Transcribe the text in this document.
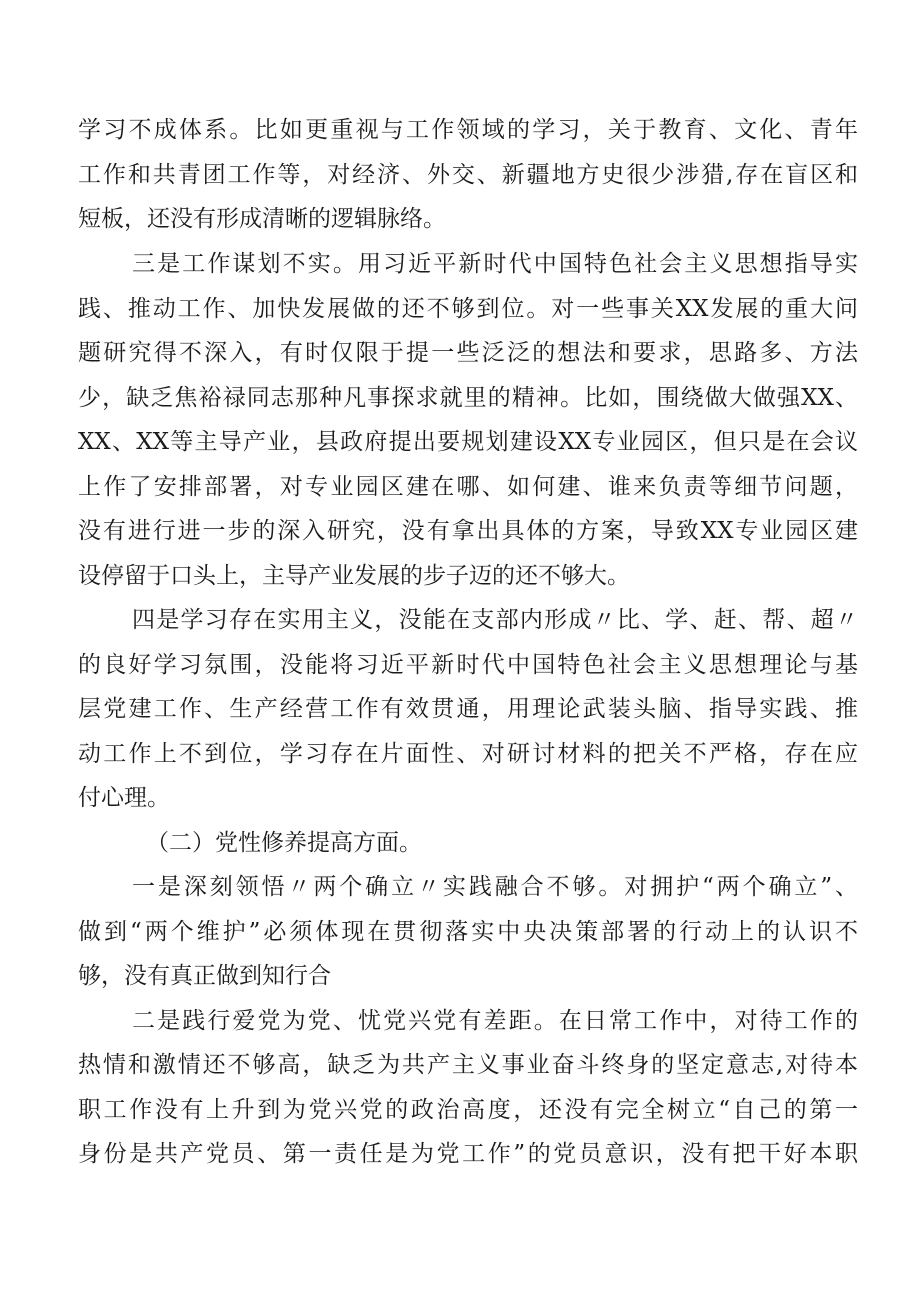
学习不成体系。比如更重视与工作领域的学习，关于教育、文化、青年
工作和共青团工作等，对经济、外交、新疆地方史很少涉猎,存在盲区和
短板，还没有形成清晰的逻辑脉络。
三是工作谋划不实。用习近平新时代中国特色社会主义思想指导实
践、推动工作、加快发展做的还不够到位。对一些事关XX发展的重大问
题研究得不深入，有时仅限于提一些泛泛的想法和要求，思路多、方法
少，缺乏焦裕禄同志那种凡事探求就里的精神。比如，围绕做大做强XX、
XX、XX等主导产业，县政府提出要规划建设XX专业园区，但只是在会议
上作了安排部署，对专业园区建在哪、如何建、谁来负责等细节问题，
没有进行进一步的深入研究，没有拿出具体的方案，导致XX专业园区建
设停留于口头上，主导产业发展的步子迈的还不够大。
四是学习存在实用主义，没能在支部内形成〃比、学、赶、帮、超〃
的良好学习氛围，没能将习近平新时代中国特色社会主义思想理论与基
层党建工作、生产经营工作有效贯通，用理论武装头脑、指导实践、推
动工作上不到位，学习存在片面性、对研讨材料的把关不严格，存在应
付心理。
（二）党性修养提高方面。
一是深刻领悟〃两个确立〃实践融合不够。对拥护“两个确立”、
做到“两个维护”必须体现在贯彻落实中央决策部署的行动上的认识不
够，没有真正做到知行合
二是践行爱党为党、忧党兴党有差距。在日常工作中，对待工作的
热情和激情还不够高，缺乏为共产主义事业奋斗终身的坚定意志,对待本
职工作没有上升到为党兴党的政治高度，还没有完全树立“自己的第一
身份是共产党员、第一责任是为党工作”的党员意识，没有把干好本职
